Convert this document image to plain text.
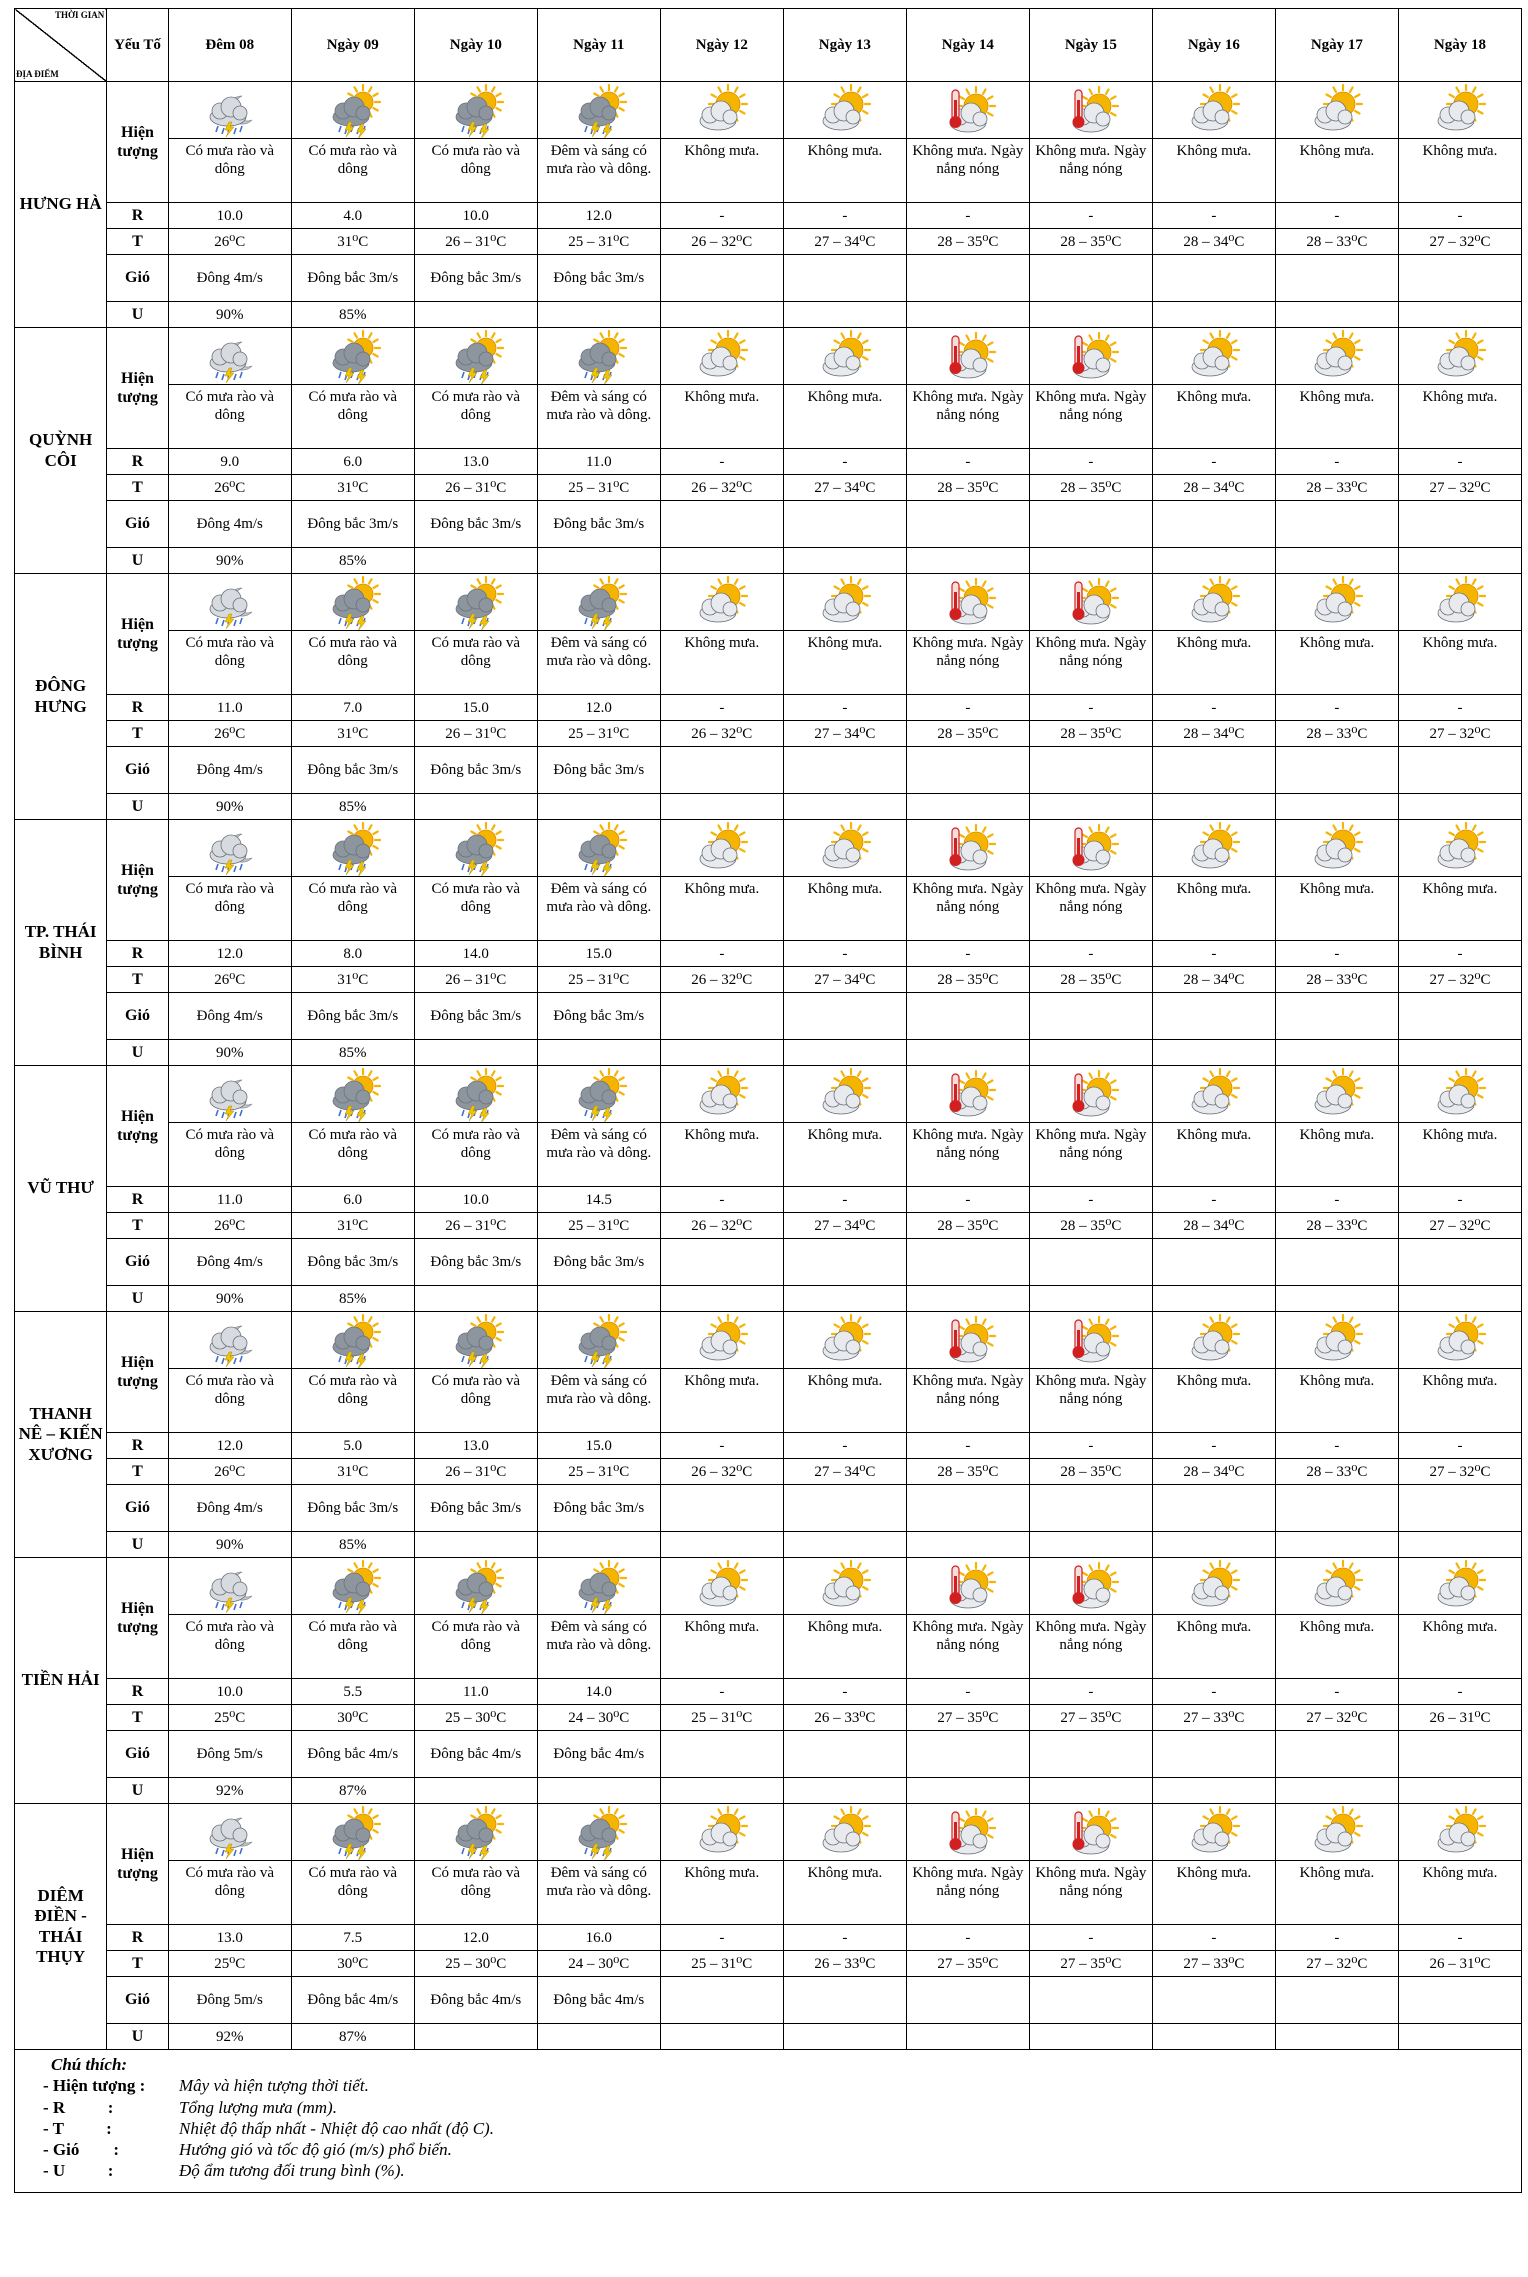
THỜI GIAN
ĐỊA ĐIỂM	Yếu Tố	Đêm 08	Ngày 09	Ngày 10	Ngày 11	Ngày 12	Ngày 13	Ngày 14	Ngày 15	Ngày 16	Ngày 17	Ngày 18
HƯNG HÀ	Hiện tượng	

		Có mưa rào và dông	Có mưa rào và dông	Có mưa rào và dông	Đêm và sáng có mưa rào và dông.	Không mưa.	Không mưa.	Không mưa. Ngày nắng nóng	Không mưa. Ngày nắng nóng	Không mưa.	Không mưa.	Không mưa.
	R	10.0	4.0	10.0	12.0	-	-	-	-	-	-	-
	T	26⁰C	31⁰C	26 – 31⁰C	25 – 31⁰C	26 – 32⁰C	27 – 34⁰C	28 – 35⁰C	28 – 35⁰C	28 – 34⁰C	28 – 33⁰C	27 – 32⁰C
	Gió	Đông 4m/s	Đông bắc 3m/s	Đông bắc 3m/s	Đông bắc 3m/s							
	U	90%	85%									
QUỲNH CÔI	Hiện tượng	

		Có mưa rào và dông	Có mưa rào và dông	Có mưa rào và dông	Đêm và sáng có mưa rào và dông.	Không mưa.	Không mưa.	Không mưa. Ngày nắng nóng	Không mưa. Ngày nắng nóng	Không mưa.	Không mưa.	Không mưa.
	R	9.0	6.0	13.0	11.0	-	-	-	-	-	-	-
	T	26⁰C	31⁰C	26 – 31⁰C	25 – 31⁰C	26 – 32⁰C	27 – 34⁰C	28 – 35⁰C	28 – 35⁰C	28 – 34⁰C	28 – 33⁰C	27 – 32⁰C
	Gió	Đông 4m/s	Đông bắc 3m/s	Đông bắc 3m/s	Đông bắc 3m/s							
	U	90%	85%									
ĐÔNG HƯNG	Hiện tượng	

		Có mưa rào và dông	Có mưa rào và dông	Có mưa rào và dông	Đêm và sáng có mưa rào và dông.	Không mưa.	Không mưa.	Không mưa. Ngày nắng nóng	Không mưa. Ngày nắng nóng	Không mưa.	Không mưa.	Không mưa.
	R	11.0	7.0	15.0	12.0	-	-	-	-	-	-	-
	T	26⁰C	31⁰C	26 – 31⁰C	25 – 31⁰C	26 – 32⁰C	27 – 34⁰C	28 – 35⁰C	28 – 35⁰C	28 – 34⁰C	28 – 33⁰C	27 – 32⁰C
	Gió	Đông 4m/s	Đông bắc 3m/s	Đông bắc 3m/s	Đông bắc 3m/s							
	U	90%	85%									
TP. THÁI BÌNH	Hiện tượng	

		Có mưa rào và dông	Có mưa rào và dông	Có mưa rào và dông	Đêm và sáng có mưa rào và dông.	Không mưa.	Không mưa.	Không mưa. Ngày nắng nóng	Không mưa. Ngày nắng nóng	Không mưa.	Không mưa.	Không mưa.
	R	12.0	8.0	14.0	15.0	-	-	-	-	-	-	-
	T	26⁰C	31⁰C	26 – 31⁰C	25 – 31⁰C	26 – 32⁰C	27 – 34⁰C	28 – 35⁰C	28 – 35⁰C	28 – 34⁰C	28 – 33⁰C	27 – 32⁰C
	Gió	Đông 4m/s	Đông bắc 3m/s	Đông bắc 3m/s	Đông bắc 3m/s							
	U	90%	85%									
VŨ THƯ	Hiện tượng	

		Có mưa rào và dông	Có mưa rào và dông	Có mưa rào và dông	Đêm và sáng có mưa rào và dông.	Không mưa.	Không mưa.	Không mưa. Ngày nắng nóng	Không mưa. Ngày nắng nóng	Không mưa.	Không mưa.	Không mưa.
	R	11.0	6.0	10.0	14.5	-	-	-	-	-	-	-
	T	26⁰C	31⁰C	26 – 31⁰C	25 – 31⁰C	26 – 32⁰C	27 – 34⁰C	28 – 35⁰C	28 – 35⁰C	28 – 34⁰C	28 – 33⁰C	27 – 32⁰C
	Gió	Đông 4m/s	Đông bắc 3m/s	Đông bắc 3m/s	Đông bắc 3m/s							
	U	90%	85%									
THANH NÊ – KIẾN XƯƠNG	Hiện tượng	

		Có mưa rào và dông	Có mưa rào và dông	Có mưa rào và dông	Đêm và sáng có mưa rào và dông.	Không mưa.	Không mưa.	Không mưa. Ngày nắng nóng	Không mưa. Ngày nắng nóng	Không mưa.	Không mưa.	Không mưa.
	R	12.0	5.0	13.0	15.0	-	-	-	-	-	-	-
	T	26⁰C	31⁰C	26 – 31⁰C	25 – 31⁰C	26 – 32⁰C	27 – 34⁰C	28 – 35⁰C	28 – 35⁰C	28 – 34⁰C	28 – 33⁰C	27 – 32⁰C
	Gió	Đông 4m/s	Đông bắc 3m/s	Đông bắc 3m/s	Đông bắc 3m/s							
	U	90%	85%									
TIỀN HẢI	Hiện tượng	

		Có mưa rào và dông	Có mưa rào và dông	Có mưa rào và dông	Đêm và sáng có mưa rào và dông.	Không mưa.	Không mưa.	Không mưa. Ngày nắng nóng	Không mưa. Ngày nắng nóng	Không mưa.	Không mưa.	Không mưa.
	R	10.0	5.5	11.0	14.0	-	-	-	-	-	-	-
	T	25⁰C	30⁰C	25 – 30⁰C	24 – 30⁰C	25 – 31⁰C	26 – 33⁰C	27 – 35⁰C	27 – 35⁰C	27 – 33⁰C	27 – 32⁰C	26 – 31⁰C
	Gió	Đông 5m/s	Đông bắc 4m/s	Đông bắc 4m/s	Đông bắc 4m/s							
	U	92%	87%									
DIÊM ĐIỀN - THÁI THỤY	Hiện tượng	

		Có mưa rào và dông	Có mưa rào và dông	Có mưa rào và dông	Đêm và sáng có mưa rào và dông.	Không mưa.	Không mưa.	Không mưa. Ngày nắng nóng	Không mưa. Ngày nắng nóng	Không mưa.	Không mưa.	Không mưa.
	R	13.0	7.5	12.0	16.0	-	-	-	-	-	-	-
	T	25⁰C	30⁰C	25 – 30⁰C	24 – 30⁰C	25 – 31⁰C	26 – 33⁰C	27 – 35⁰C	27 – 35⁰C	27 – 33⁰C	27 – 32⁰C	26 – 31⁰C
	Gió	Đông 5m/s	Đông bắc 4m/s	Đông bắc 4m/s	Đông bắc 4m/s							
	U	92%	87%									
Chú thích:
- Hiện tượng :	Mây và hiện tượng thời tiết.
- R          :	Tổng lượng mưa (mm).
- T          :	Nhiệt độ thấp nhất - Nhiệt độ cao nhất (độ C).
- Gió        :	Hướng gió và tốc độ gió (m/s) phổ biến.
- U          :	Độ ẩm tương đối trung bình (%).
